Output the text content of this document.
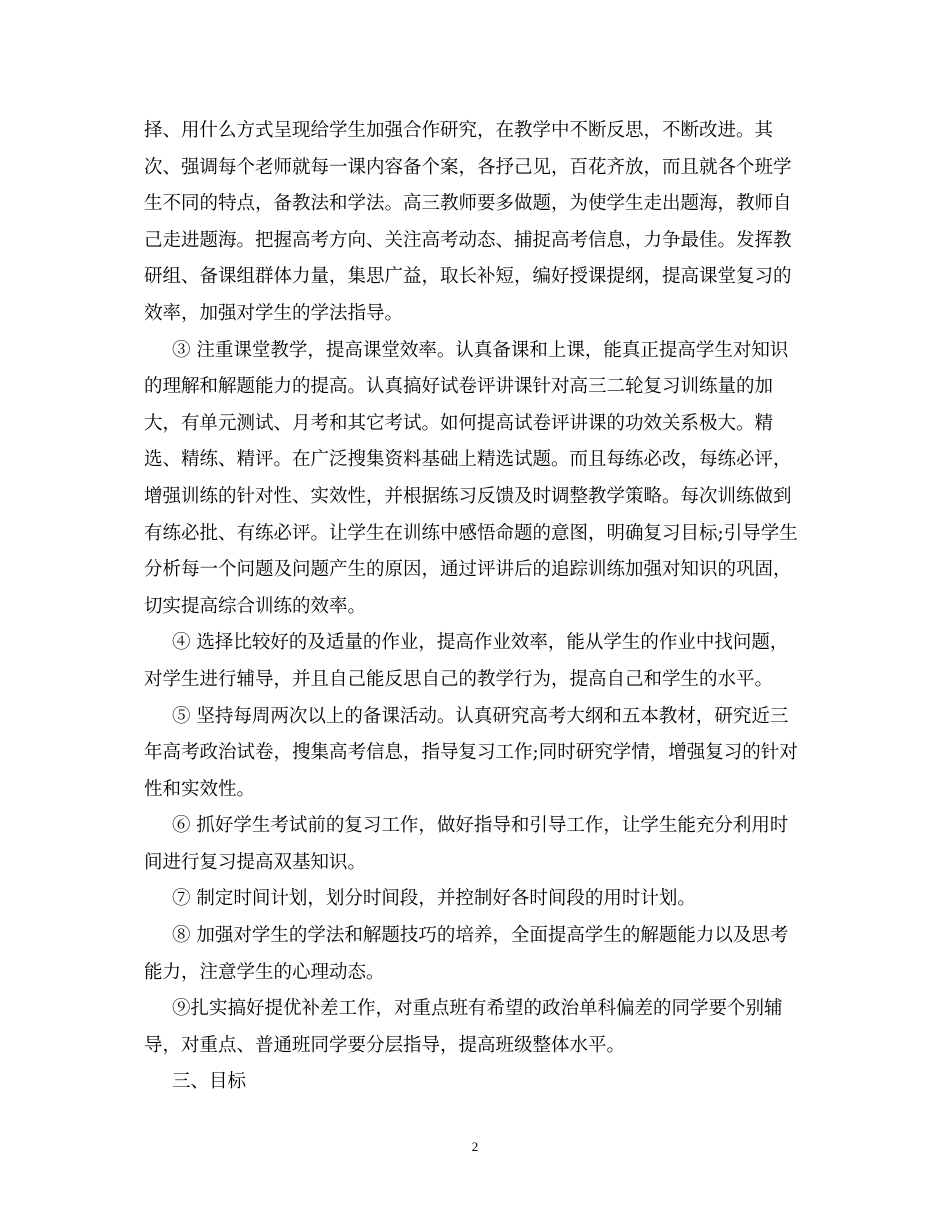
择、用什么方式呈现给学生加强合作研究，在教学中不断反思，不断改进。其
次、强调每个老师就每一课内容备个案，各抒己见，百花齐放，而且就各个班学
生不同的特点，备教法和学法。高三教师要多做题，为使学生走出题海，教师自
己走进题海。把握高考方向、关注高考动态、捕捉高考信息，力争最佳。发挥教
研组、备课组群体力量，集思广益，取长补短，编好授课提纲，提高课堂复习的
效率，加强对学生的学法指导。
③ 注重课堂教学，提高课堂效率。认真备课和上课，能真正提高学生对知识
的理解和解题能力的提高。认真搞好试卷评讲课针对高三二轮复习训练量的加
大，有单元测试、月考和其它考试。如何提高试卷评讲课的功效关系极大。精
选、精练、精评。在广泛搜集资料基础上精选试题。而且每练必改，每练必评，
增强训练的针对性、实效性，并根据练习反馈及时调整教学策略。每次训练做到
有练必批、有练必评。让学生在训练中感悟命题的意图，明确复习目标;引导学生
分析每一个问题及问题产生的原因，通过评讲后的追踪训练加强对知识的巩固，
切实提高综合训练的效率。
④ 选择比较好的及适量的作业，提高作业效率，能从学生的作业中找问题，
对学生进行辅导，并且自己能反思自己的教学行为，提高自己和学生的水平。
⑤ 坚持每周两次以上的备课活动。认真研究高考大纲和五本教材，研究近三
年高考政治试卷，搜集高考信息，指导复习工作;同时研究学情，增强复习的针对
性和实效性。
⑥ 抓好学生考试前的复习工作，做好指导和引导工作，让学生能充分利用时
间进行复习提高双基知识。
⑦ 制定时间计划，划分时间段，并控制好各时间段的用时计划。
⑧ 加强对学生的学法和解题技巧的培养，全面提高学生的解题能力以及思考
能力，注意学生的心理动态。
⑨扎实搞好提优补差工作，对重点班有希望的政治单科偏差的同学要个别辅
导，对重点、普通班同学要分层指导，提高班级整体水平。
三、目标
2
